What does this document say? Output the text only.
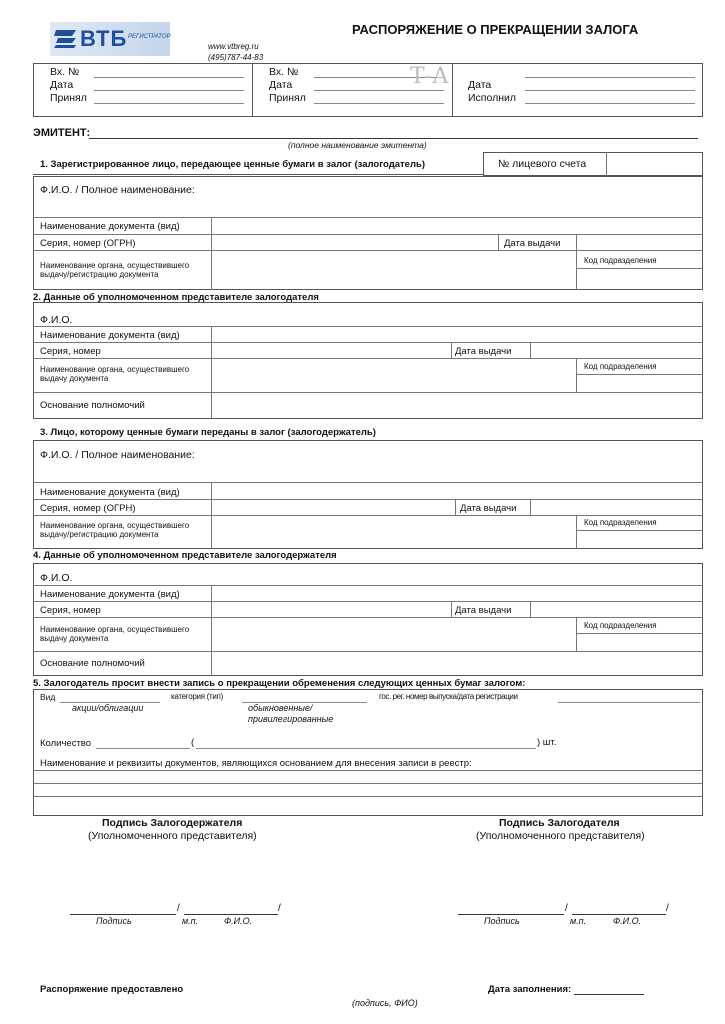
ВТБ РЕГИСТРАТОР
www.vtbreg.ru
(495)787-44-83
РАСПОРЯЖЕНИЕ О ПРЕКРАЩЕНИИ ЗАЛОГА
Вх. №
Дата
Принял
Вх. №
Дата
Принял
Т-А Дата
Исполнил
ЭМИТЕНТ:
(полное наименование эмитента)
1. Зарегистрированное лицо, передающее ценные бумаги в залог (залогодатель)	№ лицевого счета
Ф.И.О. / Полное наименование:
Наименование документа (вид)
Серия, номер (ОГРН)	Дата выдачи
Наименование органа, осуществившего выдачу/регистрацию документа
Код подразделения
2. Данные об уполномоченном представителе залогодателя
Ф.И.О.
Наименование документа (вид)
Серия, номер	Дата выдачи
Наименование органа, осуществившего выдачу документа
Код подразделения
Основание полномочий
3. Лицо, которому ценные бумаги переданы в залог (залогодержатель)
Ф.И.О. / Полное наименование:
Наименование документа (вид)
Серия, номер (ОГРН)	Дата выдачи
Наименование органа, осуществившего выдачу/регистрацию документа
Код подразделения
4. Данные об уполномоченном представителе залогодержателя
Ф.И.О.
Наименование документа (вид)
Серия, номер	Дата выдачи
Наименование органа, осуществившего выдачу документа
Код подразделения
Основание полномочий
5. Залогодатель просит внести запись о прекращении обременения следующих ценных бумаг залогом:
Вид
акции/облигации
категория (тип)
обыкновенные/
привилегированные
гос. рег. номер выпуска/дата регистрации
Количество	(	) шт.
Наименование и реквизиты документов, являющихся основанием для внесения записи в реестр:
Подпись Залогодержателя
(Уполномоченного представителя)
Подпись Залогодателя
(Уполномоченного представителя)
/	/
Подпись	м.п.	Ф.И.О.
/	/
Подпись	м.п.	Ф.И.О.
Распоряжение предоставлено
(подпись, ФИО)
Дата заполнения:
